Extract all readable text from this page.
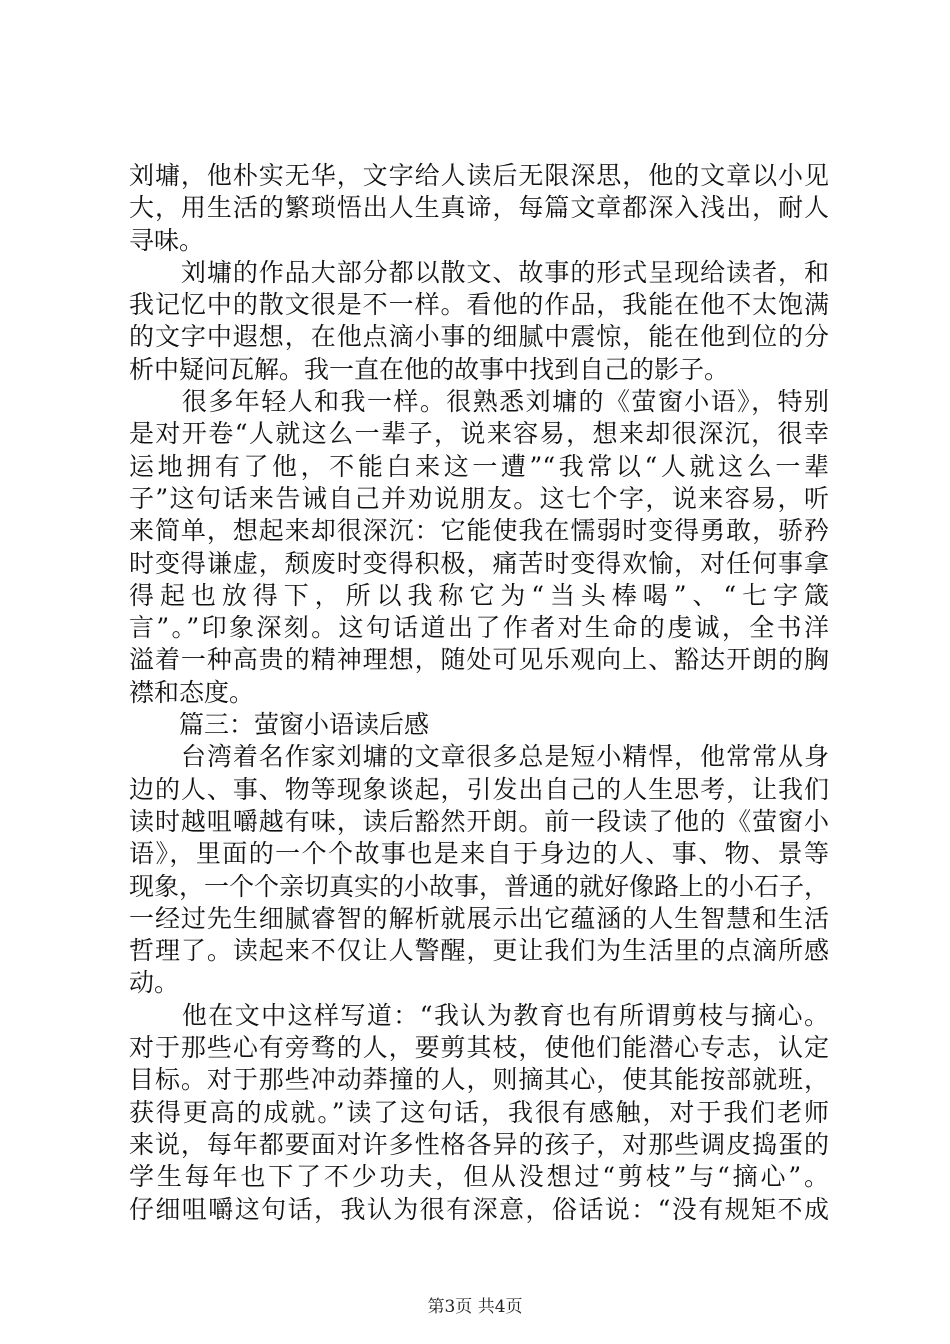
刘墉，他朴实无华，文字给人读后无限深思，他的文章以小见
大，用生活的繁琐悟出人生真谛，每篇文章都深入浅出，耐人
寻味。
　　刘墉的作品大部分都以散文、故事的形式呈现给读者，和
我记忆中的散文很是不一样。看他的作品，我能在他不太饱满
的文字中遐想，在他点滴小事的细腻中震惊，能在他到位的分
析中疑问瓦解。我一直在他的故事中找到自己的影子。
　　很多年轻人和我一样。很熟悉刘墉的《萤窗小语》，特别
是对开卷“人就这么一辈子，说来容易，想来却很深沉，很幸
运地拥有了他，不能白来这一遭”“我常以“人就这么一辈
子”这句话来告诫自己并劝说朋友。这七个字，说来容易，听
来简单，想起来却很深沉：它能使我在懦弱时变得勇敢，骄矜
时变得谦虚，颓废时变得积极，痛苦时变得欢愉，对任何事拿
得起也放得下，所以我称它为“当头棒喝”、“七字箴
言”。”印象深刻。这句话道出了作者对生命的虔诚，全书洋
溢着一种高贵的精神理想，随处可见乐观向上、豁达开朗的胸
襟和态度。
　　篇三：萤窗小语读后感
　　台湾着名作家刘墉的文章很多总是短小精悍，他常常从身
边的人、事、物等现象谈起，引发出自己的人生思考，让我们
读时越咀嚼越有味，读后豁然开朗。前一段读了他的《萤窗小
语》，里面的一个个故事也是来自于身边的人、事、物、景等
现象，一个个亲切真实的小故事，普通的就好像路上的小石子，
一经过先生细腻睿智的解析就展示出它蕴涵的人生智慧和生活
哲理了。读起来不仅让人警醒，更让我们为生活里的点滴所感
动。
　　他在文中这样写道：“我认为教育也有所谓剪枝与摘心。
对于那些心有旁骛的人，要剪其枝，使他们能潜心专志，认定
目标。对于那些冲动莽撞的人，则摘其心，使其能按部就班，
获得更高的成就。”读了这句话，我很有感触，对于我们老师
来说，每年都要面对许多性格各异的孩子，对那些调皮捣蛋的
学生每年也下了不少功夫，但从没想过“剪枝”与“摘心”。
仔细咀嚼这句话，我认为很有深意，俗话说：“没有规矩不成
第3页 共4页
